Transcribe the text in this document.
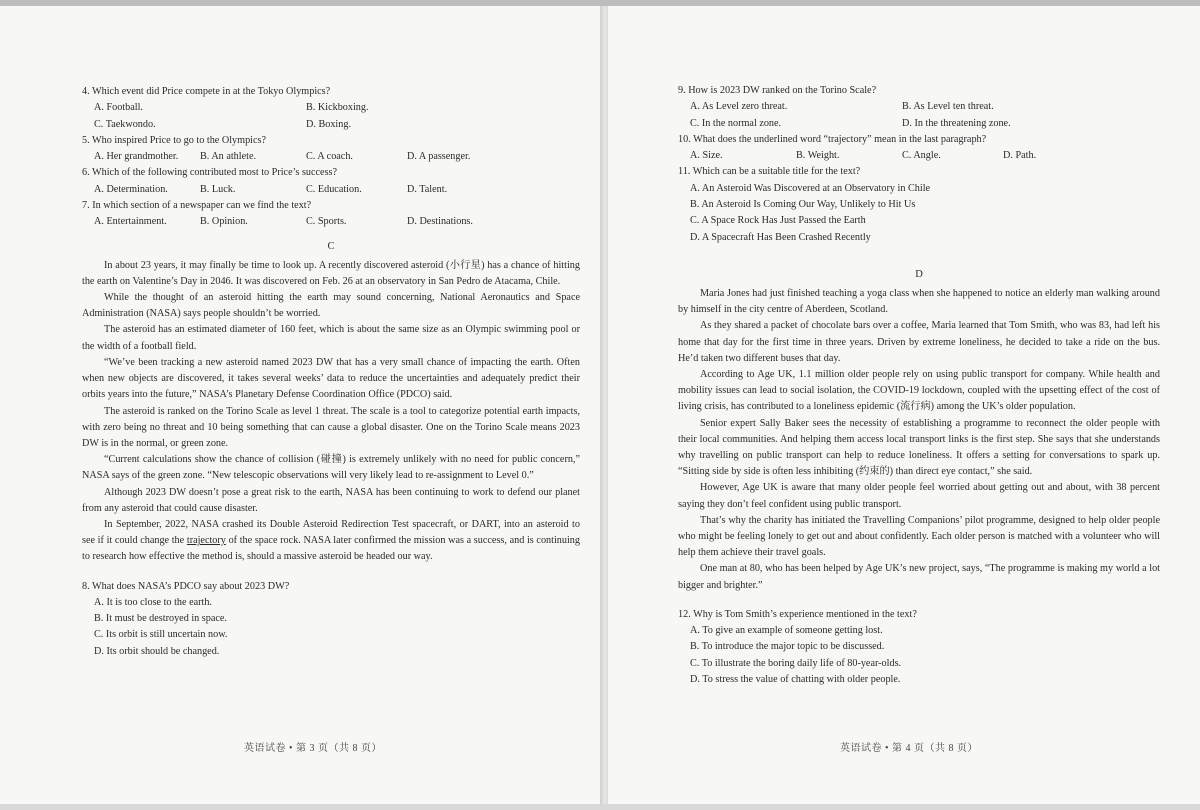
4. Which event did Price compete in at the Tokyo Olympics?

A. Football.	B. Kickboxing.
C. Taekwondo.	D. Boxing.

5. Who inspired Price to go to the Olympics?

A. Her grandmother.	B. An athlete.	C. A coach.	D. A passenger.

6. Which of the following contributed most to Price’s success?

A. Determination.	B. Luck.	C. Education.	D. Talent.

7. In which section of a newspaper can we find the text?

A. Entertainment.	B. Opinion.	C. Sports.	D. Destinations.
C

In about 23 years, it may finally be time to look up. A recently discovered asteroid (小行星) has a chance of hitting the earth on Valentine’s Day in 2046. It was discovered on Feb. 26 at an observatory in San Pedro de Atacama, Chile.

While the thought of an asteroid hitting the earth may sound concerning, National Aeronautics and Space Administration (NASA) says people shouldn’t be worried.

The asteroid has an estimated diameter of 160 feet, which is about the same size as an Olympic swimming pool or the width of a football field.

“We’ve been tracking a new asteroid named 2023 DW that has a very small chance of impacting the earth. Often when new objects are discovered, it takes several weeks’ data to reduce the uncertainties and adequately predict their orbits years into the future,” NASA’s Planetary Defense Coordination Office (PDCO) said.

The asteroid is ranked on the Torino Scale as level 1 threat. The scale is a tool to categorize potential earth impacts, with zero being no threat and 10 being something that can cause a global disaster. One on the Torino Scale means 2023 DW is in the normal, or green zone.

“Current calculations show the chance of collision (碰撞) is extremely unlikely with no need for public concern,” NASA says of the green zone. “New telescopic observations will very likely lead to re-assignment to Level 0.”

Although 2023 DW doesn’t pose a great risk to the earth, NASA has been continuing to work to defend our planet from any asteroid that could cause disaster.

In September, 2022, NASA crashed its Double Asteroid Redirection Test spacecraft, or DART, into an asteroid to see if it could change the trajectory of the space rock. NASA later confirmed the mission was a success, and is continuing to research how effective the method is, should a massive asteroid be headed our way.

8. What does NASA’s PDCO say about 2023 DW?

A. It is too close to the earth.
B. It must be destroyed in space.
C. Its orbit is still uncertain now.
D. Its orbit should be changed.
英语试卷 • 第 3 页（共 8 页）

9. How is 2023 DW ranked on the Torino Scale?

A. As Level zero threat.	B. As Level ten threat.
C. In the normal zone.	D. In the threatening zone.

10. What does the underlined word “trajectory” mean in the last paragraph?

A. Size.	B. Weight.	C. Angle.	D. Path.

11. Which can be a suitable title for the text?

A. An Asteroid Was Discovered at an Observatory in Chile
B. An Asteroid Is Coming Our Way, Unlikely to Hit Us
C. A Space Rock Has Just Passed the Earth
D. A Spacecraft Has Been Crashed Recently
D

Maria Jones had just finished teaching a yoga class when she happened to notice an elderly man walking around by himself in the city centre of Aberdeen, Scotland.

As they shared a packet of chocolate bars over a coffee, Maria learned that Tom Smith, who was 83, had left his home that day for the first time in three years. Driven by extreme loneliness, he decided to take a ride on the bus. He’d taken two different buses that day.

According to Age UK, 1.1 million older people rely on using public transport for company. While health and mobility issues can lead to social isolation, the COVID-19 lockdown, coupled with the upsetting effect of the cost of living crisis, has contributed to a loneliness epidemic (流行病) among the UK’s older population.

Senior expert Sally Baker sees the necessity of establishing a programme to reconnect the older people with their local communities. And helping them access local transport links is the first step. She says that she understands why travelling on public transport can help to reduce loneliness. It offers a setting for conversations to spark up. “Sitting side by side is often less inhibiting (约束的) than direct eye contact,” she said.

However, Age UK is aware that many older people feel worried about getting out and about, with 38 percent saying they don’t feel confident using public transport.

That’s why the charity has initiated the Travelling Companions’ pilot programme, designed to help older people who might be feeling lonely to get out and about confidently. Each older person is matched with a volunteer who will help them achieve their travel goals.

One man at 80, who has been helped by Age UK’s new project, says, “The programme is making my world a lot bigger and brighter.”

12. Why is Tom Smith’s experience mentioned in the text?

A. To give an example of someone getting lost.
B. To introduce the major topic to be discussed.
C. To illustrate the boring daily life of 80-year-olds.
D. To stress the value of chatting with older people.
英语试卷 • 第 4 页（共 8 页）
